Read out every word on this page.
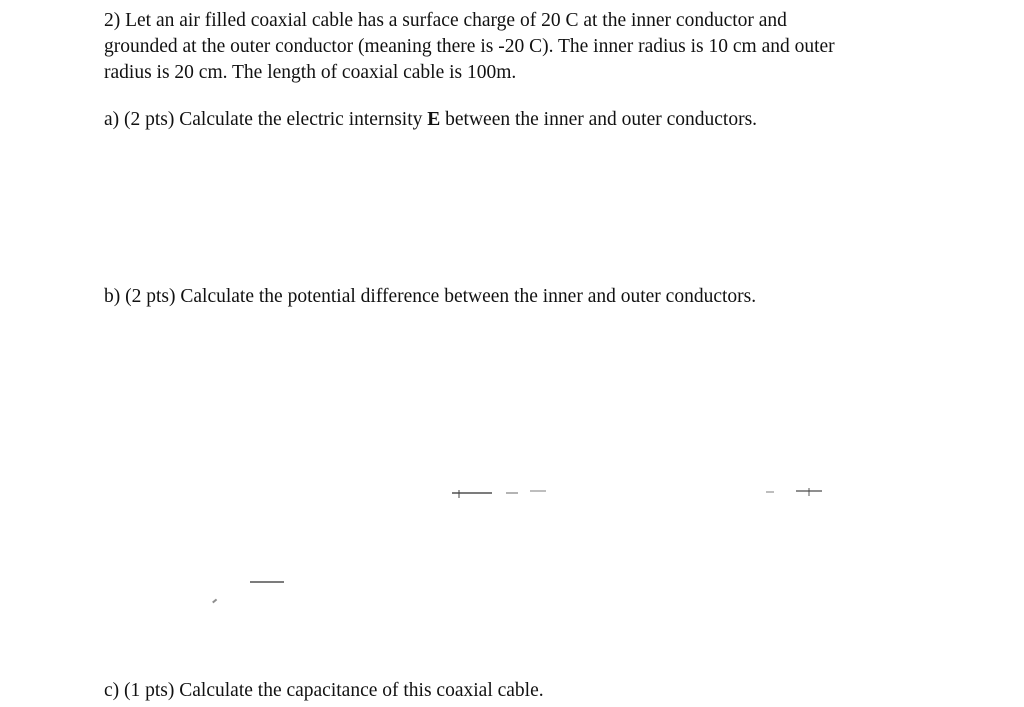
2) Let an air filled coaxial cable has a surface charge of 20 C at the inner conductor and
grounded at the outer conductor (meaning there is -20 C). The inner radius is 10 cm and outer
radius is 20 cm. The length of coaxial cable is 100m.

a) (2 pts) Calculate the electric internsity E between the inner and outer conductors.

b) (2 pts) Calculate the potential difference between the inner and outer conductors.

c) (1 pts) Calculate the capacitance of this coaxial cable.
